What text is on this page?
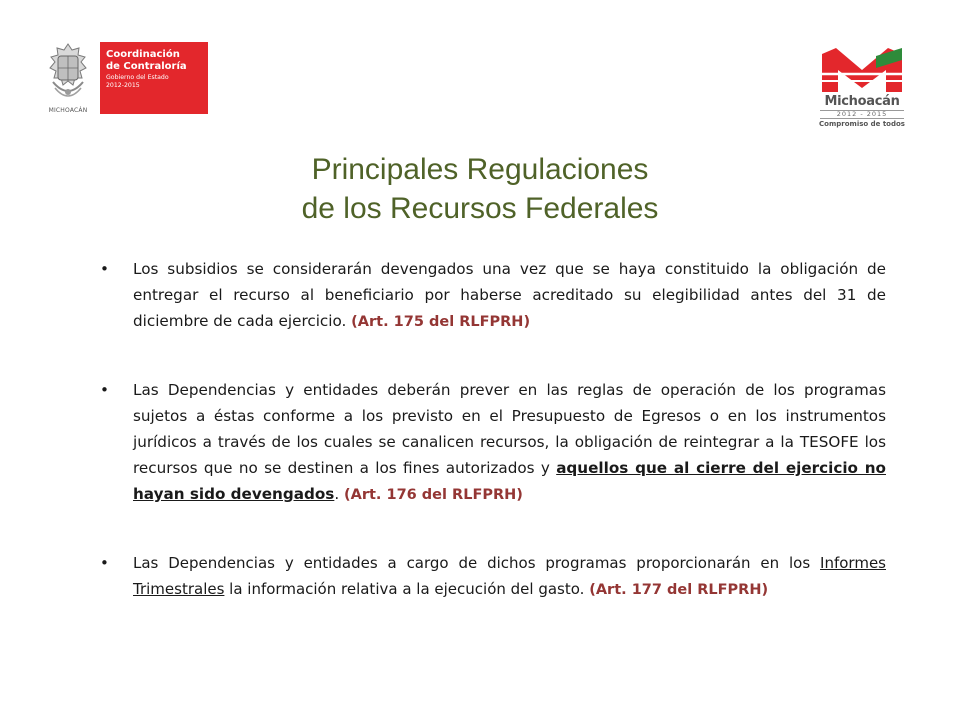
MICHOACÁN
Coordinación
de Contraloría
Gobierno del Estado
2012-2015
Michoacán
2012 - 2015
Compromiso de todos
Principales Regulaciones
de los Recursos Federales
• Los subsidios se considerarán devengados una vez que se haya constituido la obligación de entregar el recurso al beneficiario por haberse acreditado su elegibilidad antes del 31 de diciembre de cada ejercicio. (Art. 175 del RLFPRH)
• Las Dependencias y entidades deberán prever en las reglas de operación de los programas sujetos a éstas conforme a los previsto en el Presupuesto de Egresos o en los instrumentos jurídicos a través de los cuales se canalicen recursos, la obligación de reintegrar a la TESOFE los recursos que no se destinen a los fines autorizados y aquellos que al cierre del ejercicio no hayan sido devengados. (Art. 176 del RLFPRH)
• Las Dependencias y entidades a cargo de dichos programas proporcionarán en los Informes Trimestrales la información relativa a la ejecución del gasto. (Art. 177 del RLFPRH)
